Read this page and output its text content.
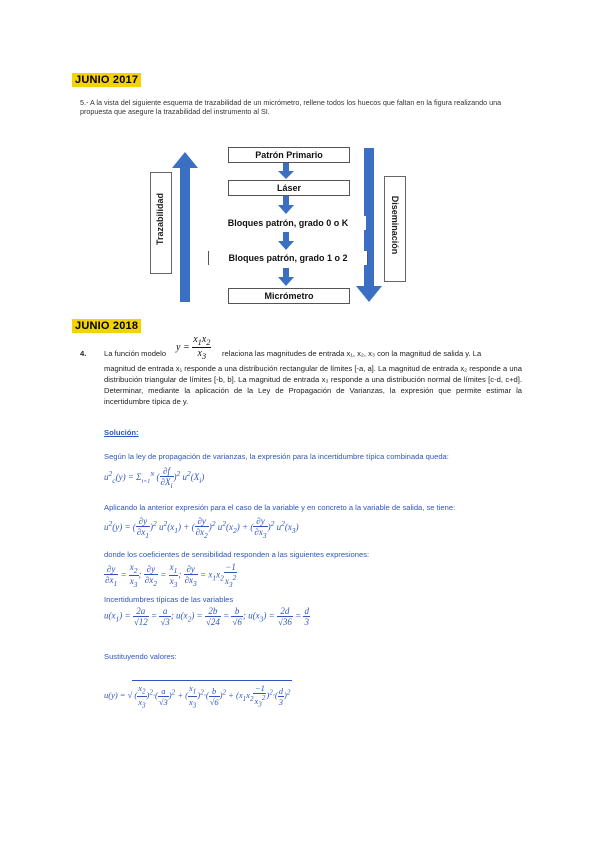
JUNIO 2017
5.- A la vista del siguiente esquema de trazabilidad de un micrómetro, rellene todos los huecos que faltan en la figura realizando una propuesta que asegure la trazabilidad del instrumento al SI.
Trazabilidad	Diseminación
Patrón Primario
Láser
Bloques patrón, grado 0 o K
Bloques patrón, grado 1 o 2
Micrómetro
JUNIO 2018
4. La función modelo
$y = \frac{x_1x_2}{x_3}$ relaciona las magnitudes de entrada x₁, x₂, x₃ con la magnitud de salida y. La
magnitud de entrada x₁ responde a una distribución rectangular de límites [-a, a]. La magnitud de entrada x₂ responde a una distribución triangular de límites [-b, b]. La magnitud de entrada x₃ responde a una distribución normal de límites [c-d, c+d]. Determinar, mediante la aplicación de la Ley de Propagación de Varianzas, la expresión que permite estimar la incertidumbre típica de y.
Solución:
Según la ley de propagación de varianzas, la expresión para la incertidumbre típica combinada queda:
$u^2_c(y) = \Sigma_{i=1}^N$ ( $\frac{\partial f}{\partial X_i} )^2$ $u^2(X_i)$
Aplicando la anterior expresión para el caso de la variable y en concreto a la variable de salida, se tiene:
$u^2(y)$ = ( $\frac{\partial y}{\partial x_1} )^2$ $u^2(x_1)$ + ( $\frac{\partial y}{\partial x_2} )^2$ $u^2(x_2)$ + ( $\frac{\partial y}{\partial x_3} )^2$ $u^2(x_3)$
donde los coeficientes de sensibilidad responden a las siguientes expresiones:
$\frac{\partial y}{\partial x_1} = \frac{x_2}{x_3}$ ; $\frac{\partial y}{\partial x_2} = \frac{x_1}{x_3}$ ; $\frac{\partial y}{\partial x_3} = x_1x_2 \frac{-1}{x_3^2}$
Incertidumbres típicas de las variables
$u(x_1) = \frac{2a}{√12} = \frac{a}{√3}$ ; $u(x_2) = \frac{2b}{√24} = \frac{b}{√6}$ ; $u(x_3) = \frac{2d}{√36} = \frac{d}{3}$
Sustituyendo valores:
u(y) = √ ( $\frac{x_2}{x_3} )^2\cdot( \frac{a}{√3} )^2$ + ( $\frac{x_1}{x_3} )^2\cdot( \frac{b}{√6} )^2 + (x_1x_2 \frac{-1}{x_3^2} )^2\cdot( \frac{d}{3} )^2$
